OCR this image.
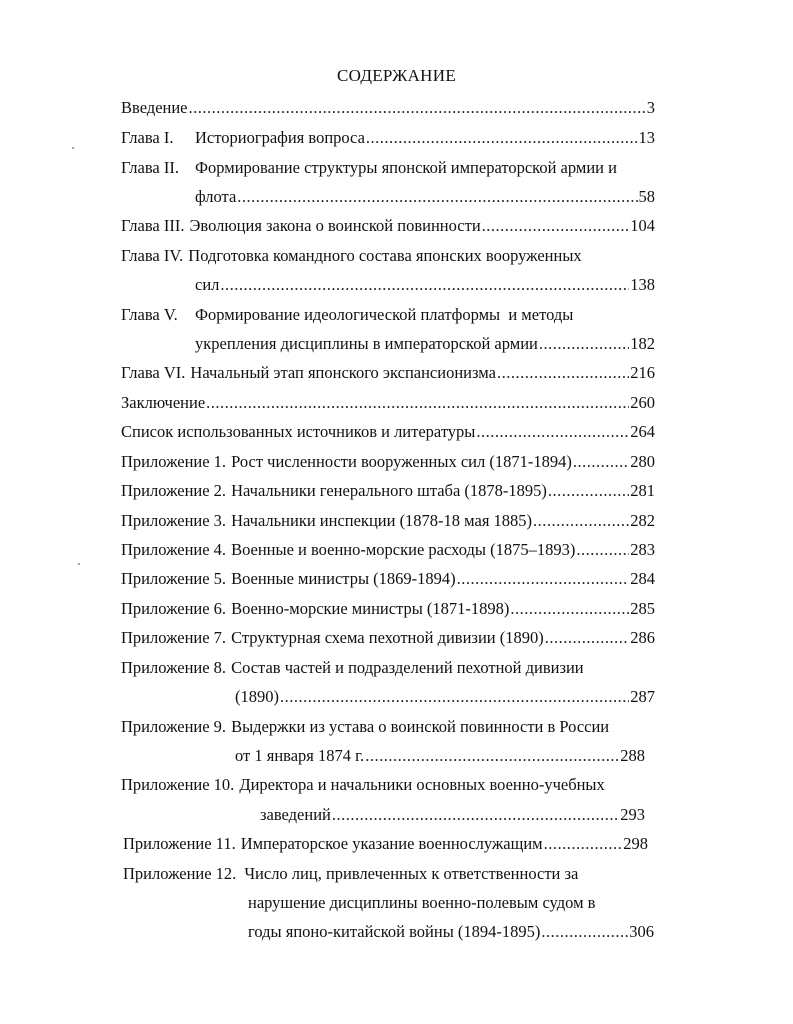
СОДЕРЖАНИЕ
Введение .....	3
Глава I.	Историография вопроса .....	13
Глава II. Формирование структуры японской императорской армии и
флота .....	58
Глава III. Эволюция закона о воинской повинности .....	104
Глава IV. Подготовка командного состава японских вооруженных
сил .....	138
Глава V.	Формирование идеологической платформы  и методы
укрепления дисциплины в императорской армии .....	182
Глава VI. Начальный этап японского экспансионизма .....	216
Заключение .....	260
Список использованных источников и литературы .....	264
Приложение 1. Рост численности вооруженных сил (1871-1894) .....	280
Приложение 2. Начальники генерального штаба (1878-1895) .....	281
Приложение 3. Начальники инспекции (1878-18 мая 1885) .....	282
Приложение 4. Военные и военно-морские расходы (1875–1893) .....	283
Приложение 5. Военные министры (1869-1894) .....	284
Приложение 6. Военно-морские министры (1871-1898) .....	285
Приложение 7. Структурная схема пехотной дивизии (1890) .....	286
Приложение 8. Состав частей и подразделений пехотной дивизии
(1890) .....	287
Приложение 9. Выдержки из устава о воинской повинности в России
от 1 января 1874 г. .....	288
Приложение 10. Директора и начальники основных военно-учебных
заведений .....	293
Приложение 11. Императорское указание военнослужащим .....	298
Приложение 12. Число лиц, привлеченных к ответственности за
нарушение дисциплины военно-полевым судом в
годы японо-китайской войны (1894-1895) .....	306
